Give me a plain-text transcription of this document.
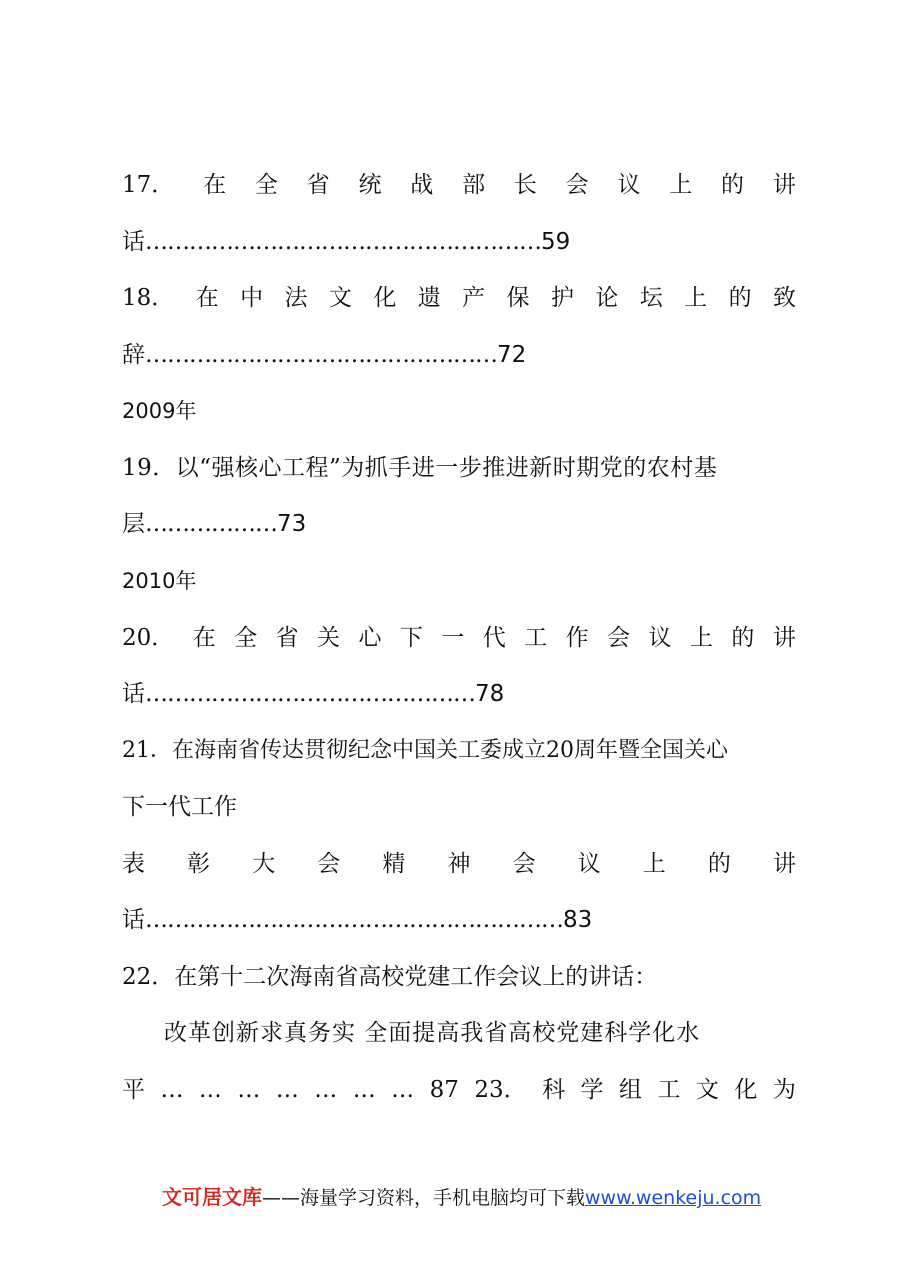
17． 在 全 省 统 战 部 长 会 议 上 的 讲
话………………………………………………59
18． 在 中 法 文 化 遗 产 保 护 论 坛 上 的 致
辞…………………………………………72
2009年
19．以“强核心工程”为抓手进一步推进新时期党的农村基
层………………73
2010年
20． 在 全 省 关 心 下 一 代 工 作 会 议 上 的 讲
话………………………………………78
21．在海南省传达贯彻纪念中国关工委成立20周年暨全国关心
下一代工作
表 彰 大 会 精 神 会 议 上 的 讲
话…………………………………………………83
22．在第十二次海南省高校党建工作会议上的讲话：
改革创新求真务实 全面提高我省高校党建科学化水
平 … … … … … … … 87 23． 科 学 组 工 文 化 为
文可居文库——海量学习资料，手机电脑均可下载www.wenkeju.com
